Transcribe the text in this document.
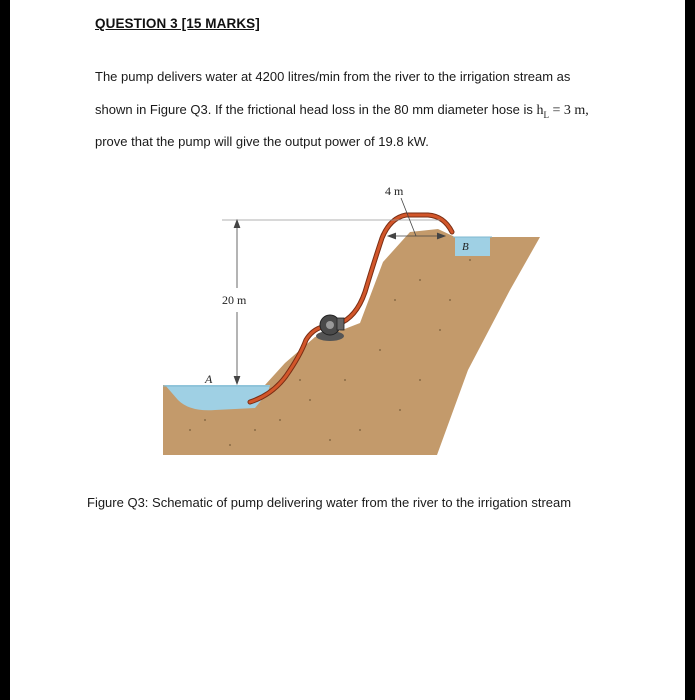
QUESTION 3 [15 MARKS]
The pump delivers water at 4200 litres/min from the river to the irrigation stream as
shown in Figure Q3. If the frictional head loss in the 80 mm diameter hose is $h_L = 3$ m,
prove that the pump will give the output power of 19.8 kW.
20 m
4 m
A
B
Figure Q3: Schematic of pump delivering water from the river to the irrigation stream
